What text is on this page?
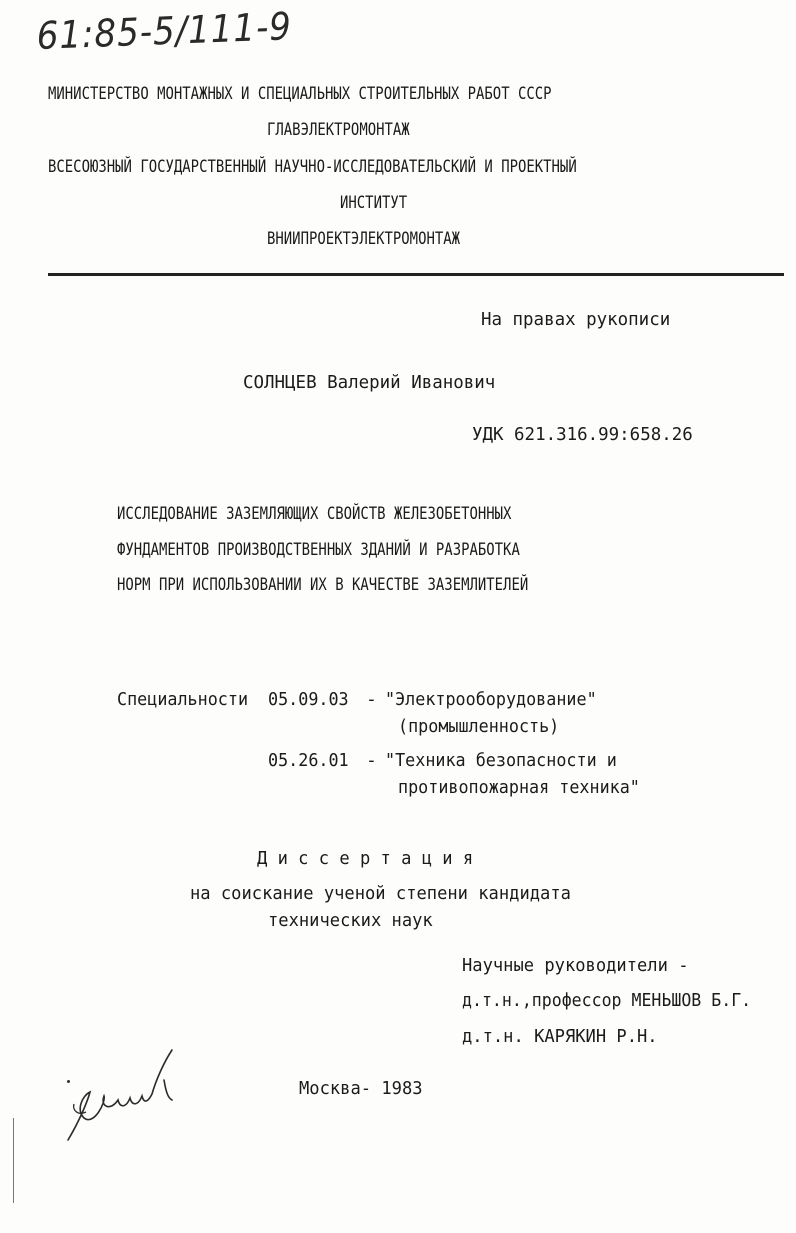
61:85-5/111-9
МИНИСТЕРСТВО МОНТАЖНЫХ И СПЕЦИАЛЬНЫХ СТРОИТЕЛЬНЫХ РАБОТ СССР
ГЛАВЭЛЕКТРОМОНТАЖ
ВСЕСОЮЗНЫЙ ГОСУДАРСТВЕННЫЙ НАУЧНО-ИССЛЕДОВАТЕЛЬСКИЙ И ПРОЕКТНЫЙ
ИНСТИТУТ
ВНИИПРОЕКТЭЛЕКТРОМОНТАЖ
На правах рукописи
СОЛНЦЕВ Валерий Иванович
УДК 621.316.99:658.26
ИССЛЕДОВАНИЕ ЗАЗЕМЛЯЮЩИХ СВОЙСТВ ЖЕЛЕЗОБЕТОННЫХ
ФУНДАМЕНТОВ ПРОИЗВОДСТВЕННЫХ ЗДАНИЙ И РАЗРАБОТКА
НОРМ ПРИ ИСПОЛЬЗОВАНИИ ИХ В КАЧЕСТВЕ ЗАЗЕМЛИТЕЛЕЙ
Специальности 05.09.03 - "Электрооборудование"
(промышленность)
05.26.01 - "Техника безопасности и
противопожарная техника"
Д и с с е р т а ц и я
на соискание ученой степени кандидата
технических наук
Научные руководители -
д.т.н.,профессор МЕНЬШОВ Б.Г.
д.т.н. КАРЯКИН Р.Н.
Москва- 1983
